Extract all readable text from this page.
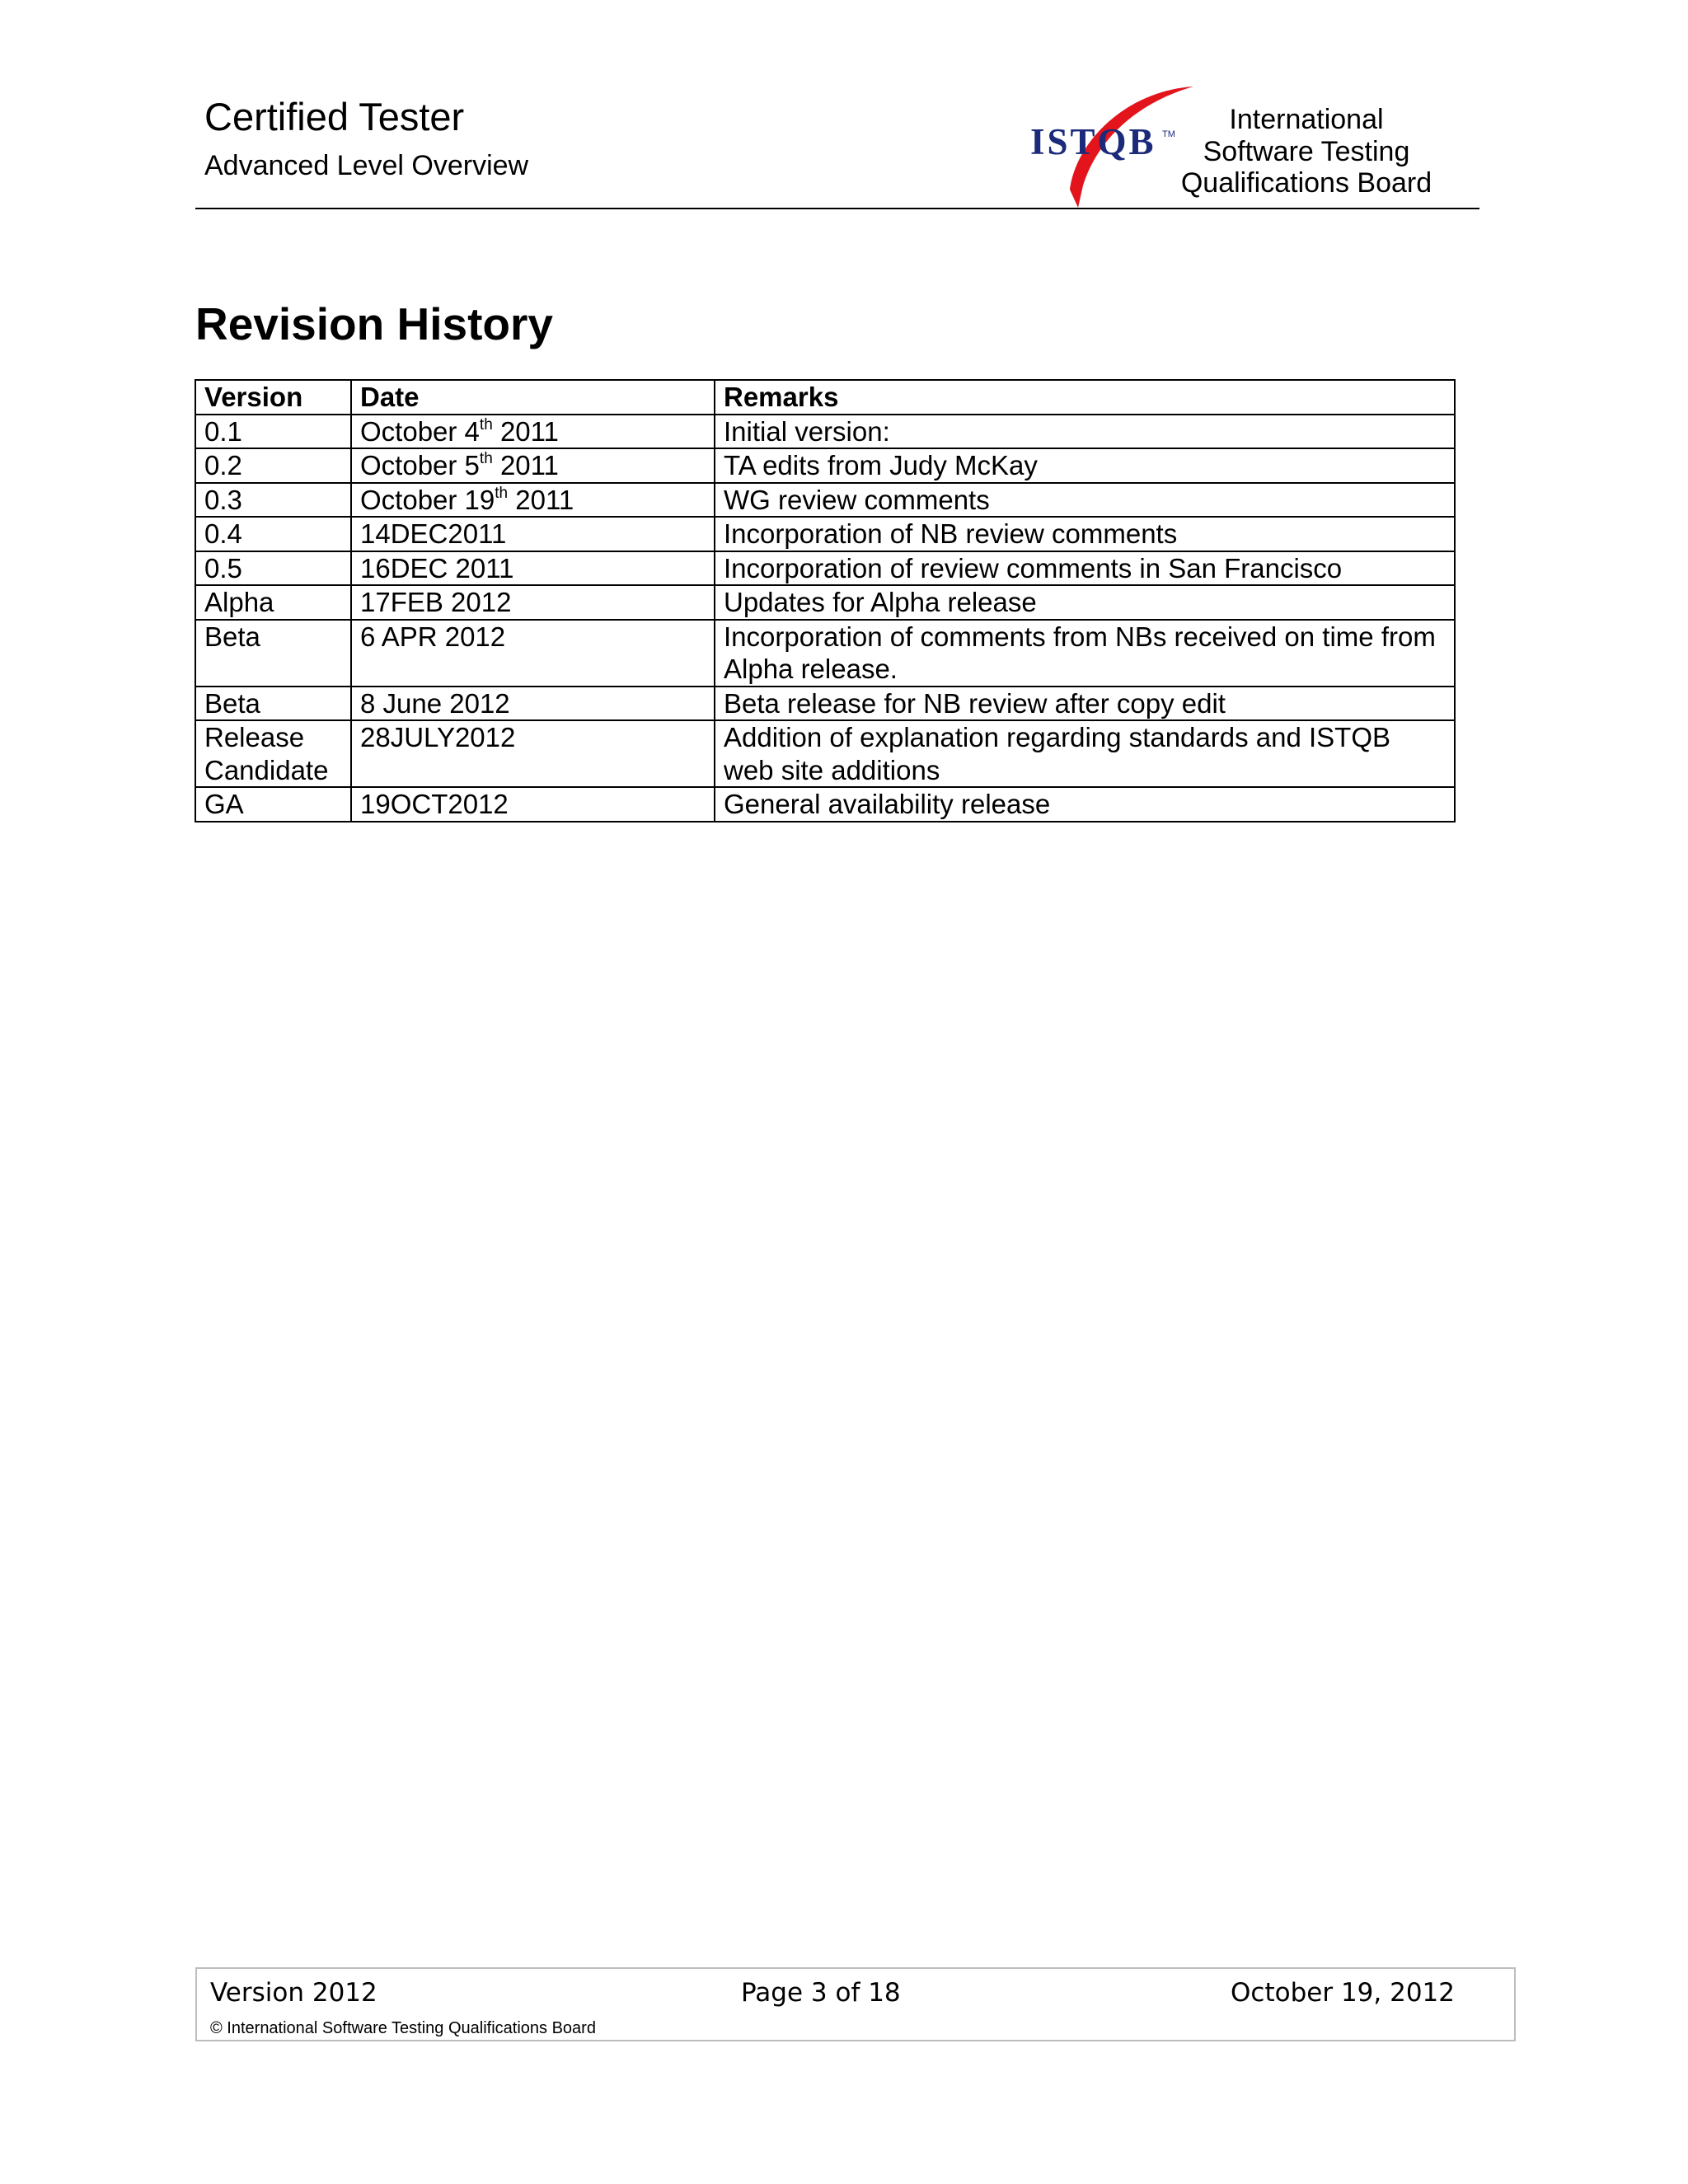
Certified Tester
Advanced Level Overview
ISTQB TM	International
Software Testing
Qualifications Board
Revision History
Version	Date	Remarks
0.1	October 4th 2011	Initial version:
0.2	October 5th 2011	TA edits from Judy McKay
0.3	October 19th 2011	WG review comments
0.4	14DEC2011	Incorporation of NB review comments
0.5	16DEC 2011	Incorporation of review comments in San Francisco
Alpha	17FEB 2012	Updates for Alpha release
Beta	6 APR 2012	Incorporation of comments from NBs received on time from Alpha release.
Beta	8 June 2012	Beta release for NB review after copy edit
Release Candidate	28JULY2012	Addition of explanation regarding standards and ISTQB web site additions
GA	19OCT2012	General availability release
Version 2012	Page 3 of 18	October 19, 2012
© International Software Testing Qualifications Board
